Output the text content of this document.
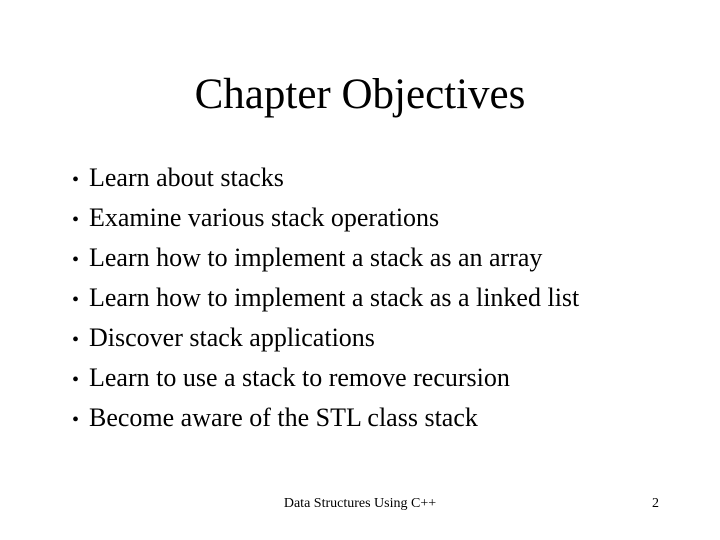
Chapter Objectives
• Learn about stacks
• Examine various stack operations
• Learn how to implement a stack as an array
• Learn how to implement a stack as a linked list
• Discover stack applications
• Learn to use a stack to remove recursion
• Become aware of the STL class stack
Data Structures Using C++	2
